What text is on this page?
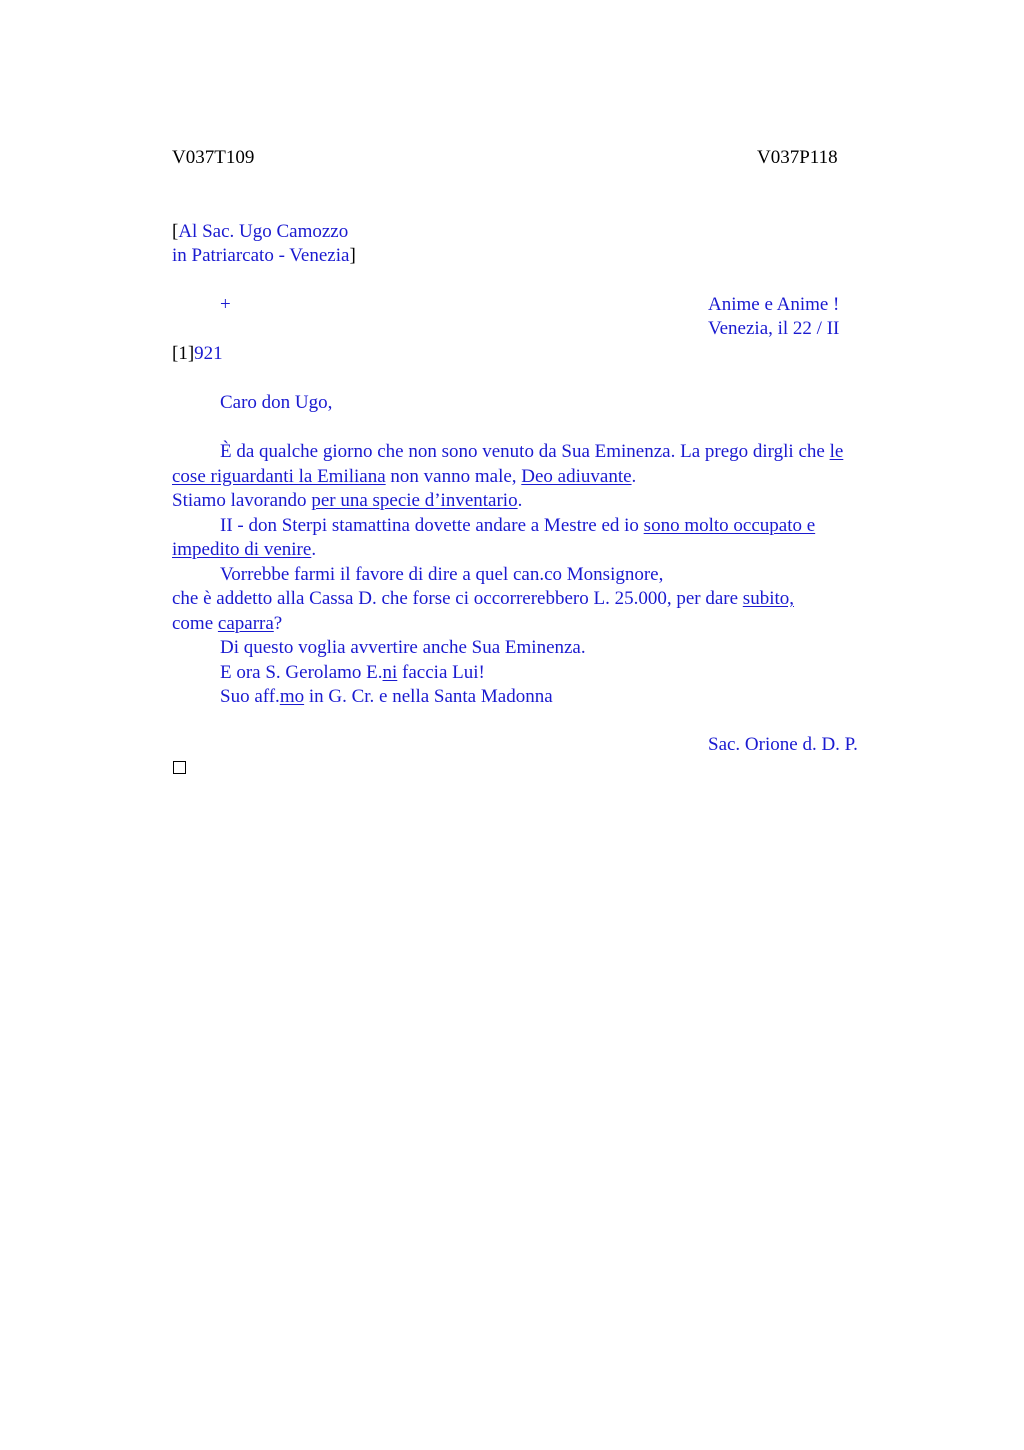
V037T109	V037P118
[Al Sac. Ugo Camozzo
in Patriarcato - Venezia]
+	Anime e Anime !
Venezia, il 22 / II
[1]921
Caro don Ugo,

È da qualche giorno che non sono venuto da Sua Eminenza. La prego dirgli che le cose riguardanti la Emiliana non vanno male, Deo adiuvante.

Stiamo lavorando per una specie d’inventario.

II - don Sterpi stamattina dovette andare a Mestre ed io sono molto occupato e impedito di venire.

Vorrebbe farmi il favore di dire a quel can.co Monsignore,

che è addetto alla Cassa D. che forse ci occorrerebbero L. 25.000, per dare subito,

come caparra?

Di questo voglia avvertire anche Sua Eminenza.

E ora S. Gerolamo E.ni faccia Lui!

Suo aff.mo in G. Cr. e nella Santa Madonna

Sac. Orione d. D. P.
